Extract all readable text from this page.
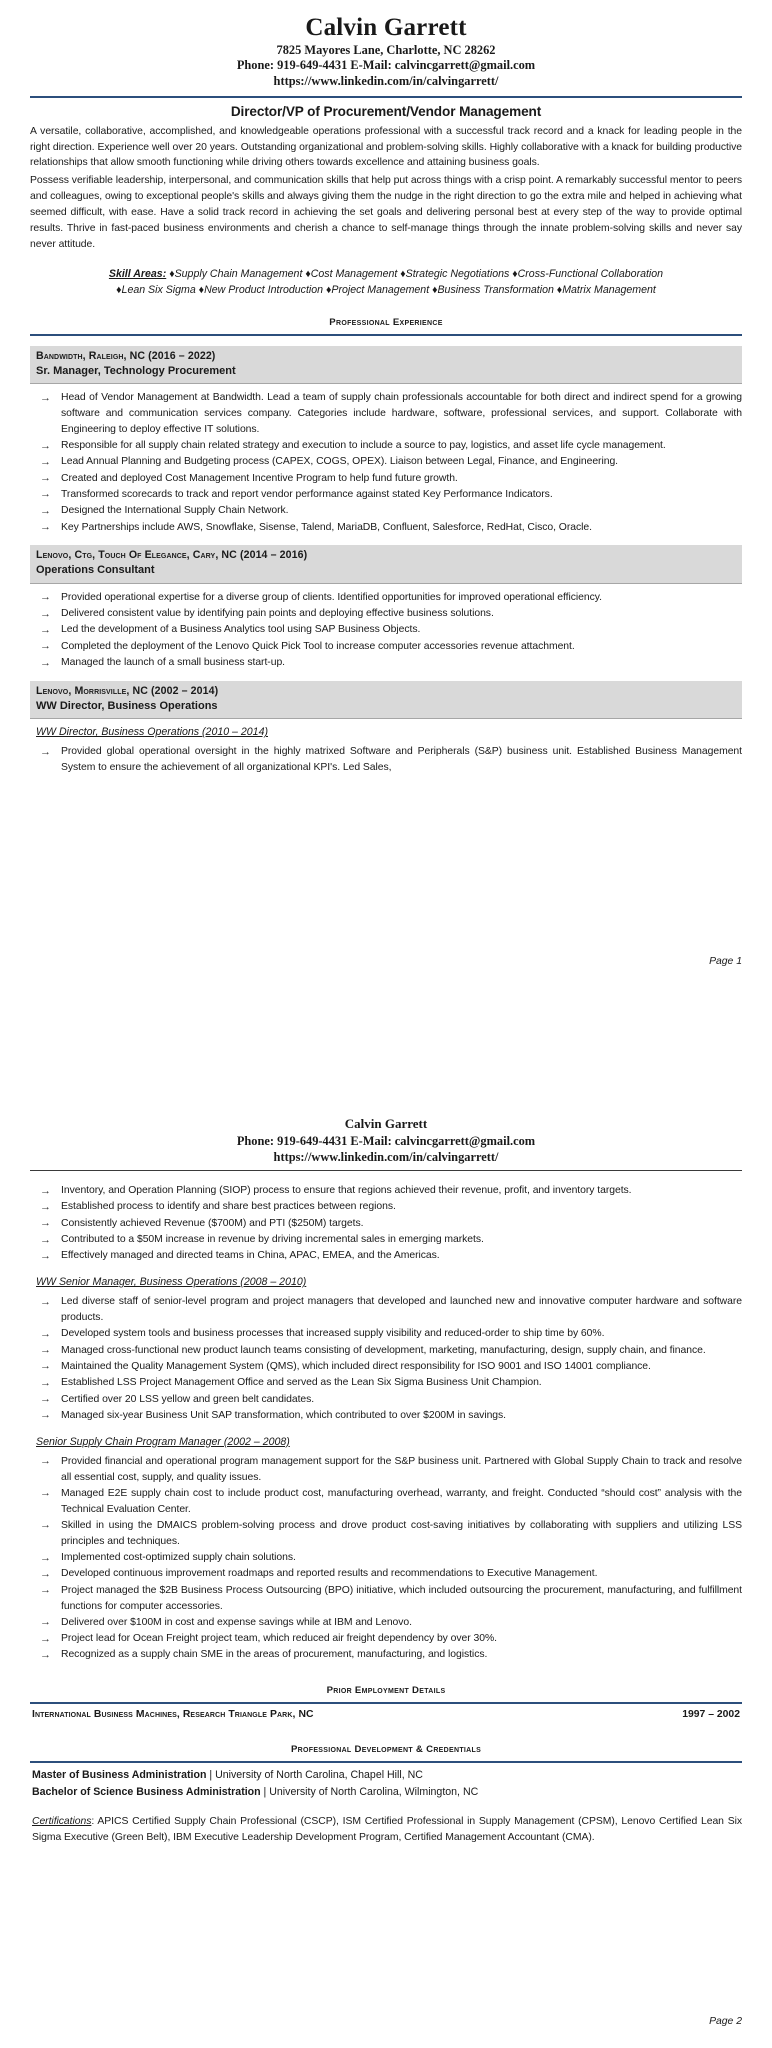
Calvin Garrett
7825 Mayores Lane, Charlotte, NC 28262
Phone: 919-649-4431 E-Mail: calvincgarrett@gmail.com
https://www.linkedin.com/in/calvingarrett/
Director/VP of Procurement/Vendor Management

A versatile, collaborative, accomplished, and knowledgeable operations professional with a successful track record and a knack for leading people in the right direction. Experience well over 20 years. Outstanding organizational and problem-solving skills. Highly collaborative with a knack for building productive relationships that allow smooth functioning while driving others towards excellence and attaining business goals.

Possess verifiable leadership, interpersonal, and communication skills that help put across things with a crisp point. A remarkably successful mentor to peers and colleagues, owing to exceptional people's skills and always giving them the nudge in the right direction to go the extra mile and helped in achieving what seemed difficult, with ease. Have a solid track record in achieving the set goals and delivering personal best at every step of the way to provide optimal results. Thrive in fast-paced business environments and cherish a chance to self-manage things through the innate problem-solving skills and never say never attitude.

Skill Areas: ♦Supply Chain Management ♦Cost Management ♦Strategic Negotiations ♦Cross-Functional Collaboration
♦Lean Six Sigma ♦New Product Introduction ♦Project Management ♦Business Transformation ♦Matrix Management
Professional Experience
Bandwidth, Raleigh, NC (2016 – 2022)
Sr. Manager, Technology Procurement
→ Head of Vendor Management at Bandwidth. Lead a team of supply chain professionals accountable for both direct and indirect spend for a growing software and communication services company. Categories include hardware, software, professional services, and support. Collaborate with Engineering to deploy effective IT solutions.
→ Responsible for all supply chain related strategy and execution to include a source to pay, logistics, and asset life cycle management.
→ Lead Annual Planning and Budgeting process (CAPEX, COGS, OPEX). Liaison between Legal, Finance, and Engineering.
→ Created and deployed Cost Management Incentive Program to help fund future growth.
→ Transformed scorecards to track and report vendor performance against stated Key Performance Indicators.
→ Designed the International Supply Chain Network.
→ Key Partnerships include AWS, Snowflake, Sisense, Talend, MariaDB, Confluent, Salesforce, RedHat, Cisco, Oracle.
Lenovo, Ctg, Touch Of Elegance, Cary, NC (2014 – 2016)
Operations Consultant
→ Provided operational expertise for a diverse group of clients. Identified opportunities for improved operational efficiency.
→ Delivered consistent value by identifying pain points and deploying effective business solutions.
→ Led the development of a Business Analytics tool using SAP Business Objects.
→ Completed the deployment of the Lenovo Quick Pick Tool to increase computer accessories revenue attachment.
→ Managed the launch of a small business start-up.
Lenovo, Morrisville, NC (2002 – 2014)
WW Director, Business Operations
WW Director, Business Operations (2010 – 2014)
→ Provided global operational oversight in the highly matrixed Software and Peripherals (S&P) business unit. Established Business Management System to ensure the achievement of all organizational KPI's. Led Sales,
Page 1
Calvin Garrett
Phone: 919-649-4431 E-Mail: calvincgarrett@gmail.com
https://www.linkedin.com/in/calvingarrett/
→ Inventory, and Operation Planning (SIOP) process to ensure that regions achieved their revenue, profit, and inventory targets.
→ Established process to identify and share best practices between regions.
→ Consistently achieved Revenue ($700M) and PTI ($250M) targets.
→ Contributed to a $50M increase in revenue by driving incremental sales in emerging markets.
→ Effectively managed and directed teams in China, APAC, EMEA, and the Americas.
WW Senior Manager, Business Operations (2008 – 2010)
→ Led diverse staff of senior-level program and project managers that developed and launched new and innovative computer hardware and software products.
→ Developed system tools and business processes that increased supply visibility and reduced-order to ship time by 60%.
→ Managed cross-functional new product launch teams consisting of development, marketing, manufacturing, design, supply chain, and finance.
→ Maintained the Quality Management System (QMS), which included direct responsibility for ISO 9001 and ISO 14001 compliance.
→ Established LSS Project Management Office and served as the Lean Six Sigma Business Unit Champion.
→ Certified over 20 LSS yellow and green belt candidates.
→ Managed six-year Business Unit SAP transformation, which contributed to over $200M in savings.
Senior Supply Chain Program Manager (2002 – 2008)
→ Provided financial and operational program management support for the S&P business unit. Partnered with Global Supply Chain to track and resolve all essential cost, supply, and quality issues.
→ Managed E2E supply chain cost to include product cost, manufacturing overhead, warranty, and freight. Conducted “should cost” analysis with the Technical Evaluation Center.
→ Skilled in using the DMAICS problem-solving process and drove product cost-saving initiatives by collaborating with suppliers and utilizing LSS principles and techniques.
→ Implemented cost-optimized supply chain solutions.
→ Developed continuous improvement roadmaps and reported results and recommendations to Executive Management.
→ Project managed the $2B Business Process Outsourcing (BPO) initiative, which included outsourcing the procurement, manufacturing, and fulfillment functions for computer accessories.
→ Delivered over $100M in cost and expense savings while at IBM and Lenovo.
→ Project lead for Ocean Freight project team, which reduced air freight dependency by over 30%.
→ Recognized as a supply chain SME in the areas of procurement, manufacturing, and logistics.
Prior Employment Details
International Business Machines, Research Triangle Park, NC	1997 – 2002
Professional Development & Credentials
Master of Business Administration | University of North Carolina, Chapel Hill, NC
Bachelor of Science Business Administration | University of North Carolina, Wilmington, NC
Certifications: APICS Certified Supply Chain Professional (CSCP), ISM Certified Professional in Supply Management (CPSM), Lenovo Certified Lean Six Sigma Executive (Green Belt), IBM Executive Leadership Development Program, Certified Management Accountant (CMA).
Page 2
